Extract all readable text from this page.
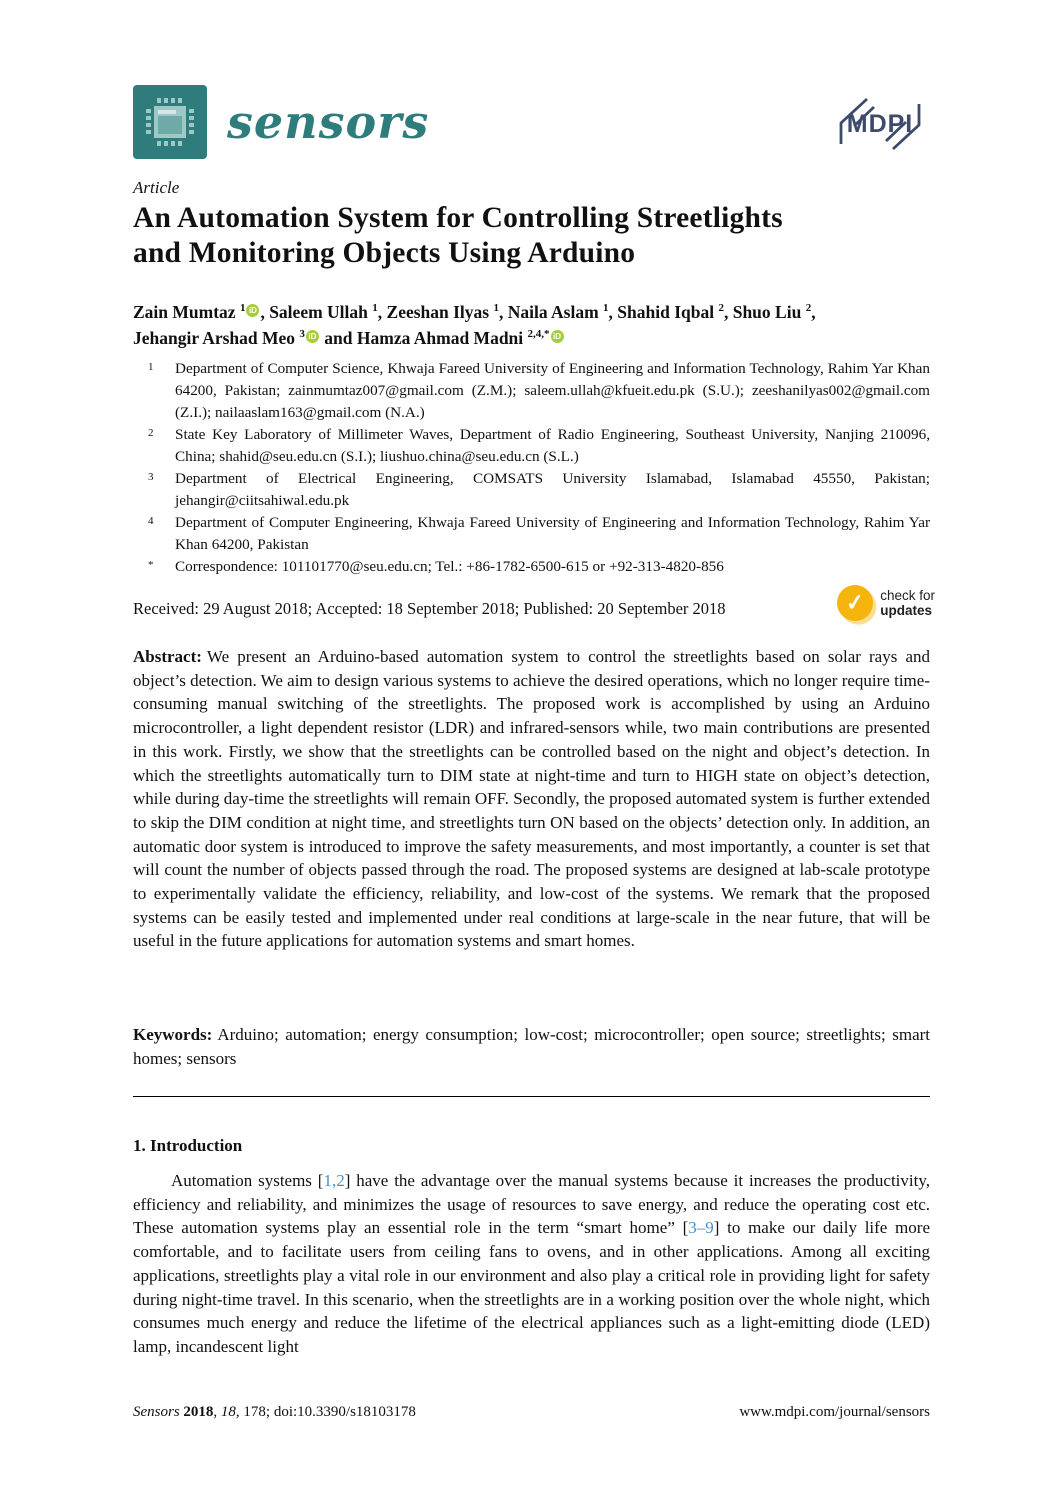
sensors	MDPI
Article
An Automation System for Controlling Streetlights
and Monitoring Objects Using Arduino
Zain Mumtaz $^1$ iD , Saleem Ullah $^1$, Zeeshan Ilyas $^1$, Naila Aslam $^1$, Shahid Iqbal $^2$, Shuo Liu $^2$,
Jehangir Arshad Meo $^3$ iD and Hamza Ahmad Madni $^{2,4,*}$ iD
1	Department of Computer Science, Khwaja Fareed University of Engineering and Information Technology, Rahim Yar Khan 64200, Pakistan; zainmumtaz007@gmail.com (Z.M.); saleem.ullah@kfueit.edu.pk (S.U.); zeeshanilyas002@gmail.com (Z.I.); nailaaslam163@gmail.com (N.A.)
2	State Key Laboratory of Millimeter Waves, Department of Radio Engineering, Southeast University, Nanjing 210096, China; shahid@seu.edu.cn (S.I.); liushuo.china@seu.edu.cn (S.L.)
3	Department of Electrical Engineering, COMSATS University Islamabad, Islamabad 45550, Pakistan; jehangir@ciitsahiwal.edu.pk
4	Department of Computer Engineering, Khwaja Fareed University of Engineering and Information Technology, Rahim Yar Khan 64200, Pakistan
*	Correspondence: 101101770@seu.edu.cn; Tel.: +86-1782-6500-615 or +92-313-4820-856
Received: 29 August 2018; Accepted: 18 September 2018; Published: 20 September 2018	✓	check for
updates
Abstract: We present an Arduino-based automation system to control the streetlights based on solar rays and object’s detection. We aim to design various systems to achieve the desired operations, which no longer require time-consuming manual switching of the streetlights. The proposed work is accomplished by using an Arduino microcontroller, a light dependent resistor (LDR) and infrared-sensors while, two main contributions are presented in this work. Firstly, we show that the streetlights can be controlled based on the night and object’s detection. In which the streetlights automatically turn to DIM state at night-time and turn to HIGH state on object’s detection, while during day-time the streetlights will remain OFF. Secondly, the proposed automated system is further extended to skip the DIM condition at night time, and streetlights turn ON based on the objects’ detection only. In addition, an automatic door system is introduced to improve the safety measurements, and most importantly, a counter is set that will count the number of objects passed through the road. The proposed systems are designed at lab-scale prototype to experimentally validate the efficiency, reliability, and low-cost of the systems. We remark that the proposed systems can be easily tested and implemented under real conditions at large-scale in the near future, that will be useful in the future applications for automation systems and smart homes.
Keywords: Arduino; automation; energy consumption; low-cost; microcontroller; open source; streetlights; smart homes; sensors
1. Introduction
Automation systems [1,2] have the advantage over the manual systems because it increases the productivity, efficiency and reliability, and minimizes the usage of resources to save energy, and reduce the operating cost etc. These automation systems play an essential role in the term “smart home” [3–9] to make our daily life more comfortable, and to facilitate users from ceiling fans to ovens, and in other applications. Among all exciting applications, streetlights play a vital role in our environment and also play a critical role in providing light for safety during night-time travel. In this scenario, when the streetlights are in a working position over the whole night, which consumes much energy and reduce the lifetime of the electrical appliances such as a light-emitting diode (LED) lamp, incandescent light
Sensors 2018, 18, 178; doi:10.3390/s18103178	www.mdpi.com/journal/sensors
